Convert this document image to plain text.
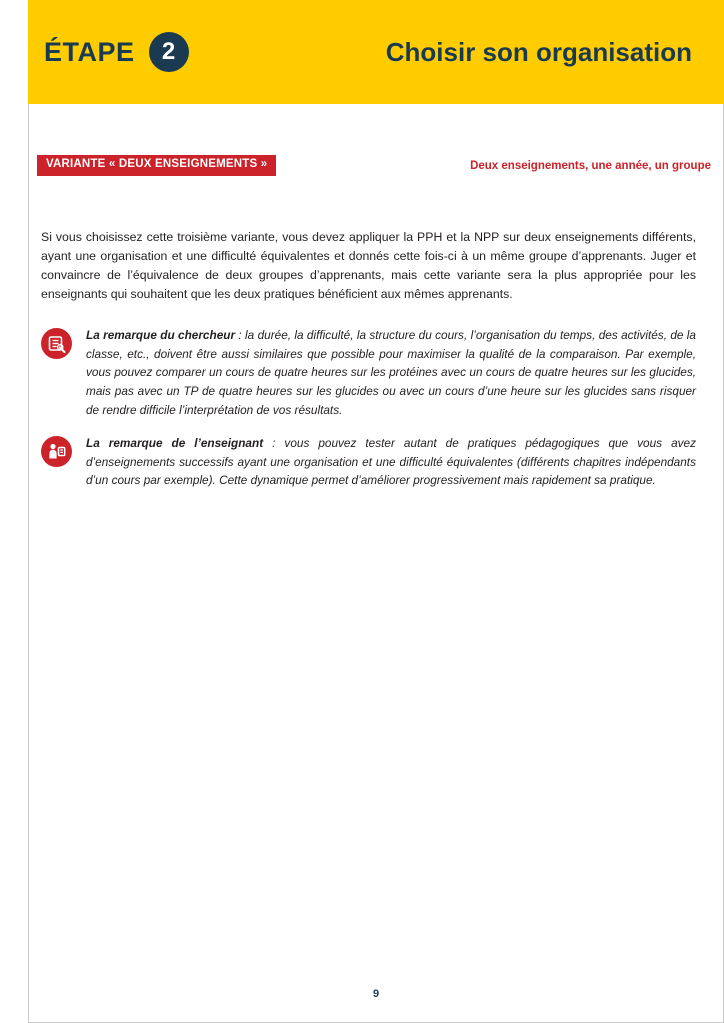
ÉTAPE	2	Choisir son organisation
VARIANTE « DEUX ENSEIGNEMENTS »	Deux enseignements, une année, un groupe

Si vous choisissez cette troisième variante, vous devez appliquer la PPH et la NPP sur deux enseignements différents, ayant une organisation et une difficulté équivalentes et donnés cette fois-ci à un même groupe d’apprenants. Juger et convaincre de l’équivalence de deux groupes d’apprenants, mais cette variante sera la plus appropriée pour les enseignants qui souhaitent que les deux pratiques bénéficient aux mêmes apprenants.

La remarque du chercheur : la durée, la difficulté, la structure du cours, l’organisation du temps, des activités, de la classe, etc., doivent être aussi similaires que possible pour maximiser la qualité de la comparaison. Par exemple, vous pouvez comparer un cours de quatre heures sur les protéines avec un cours de quatre heures sur les glucides, mais pas avec un TP de quatre heures sur les glucides ou avec un cours d’une heure sur les glucides sans risquer de rendre difficile l’interprétation de vos résultats.
La remarque de l’enseignant : vous pouvez tester autant de pratiques pédagogiques que vous avez d’enseignements successifs ayant une organisation et une difficulté équivalentes (différents chapitres indépendants d’un cours par exemple). Cette dynamique permet d’améliorer progressivement mais rapidement sa pratique.
9
